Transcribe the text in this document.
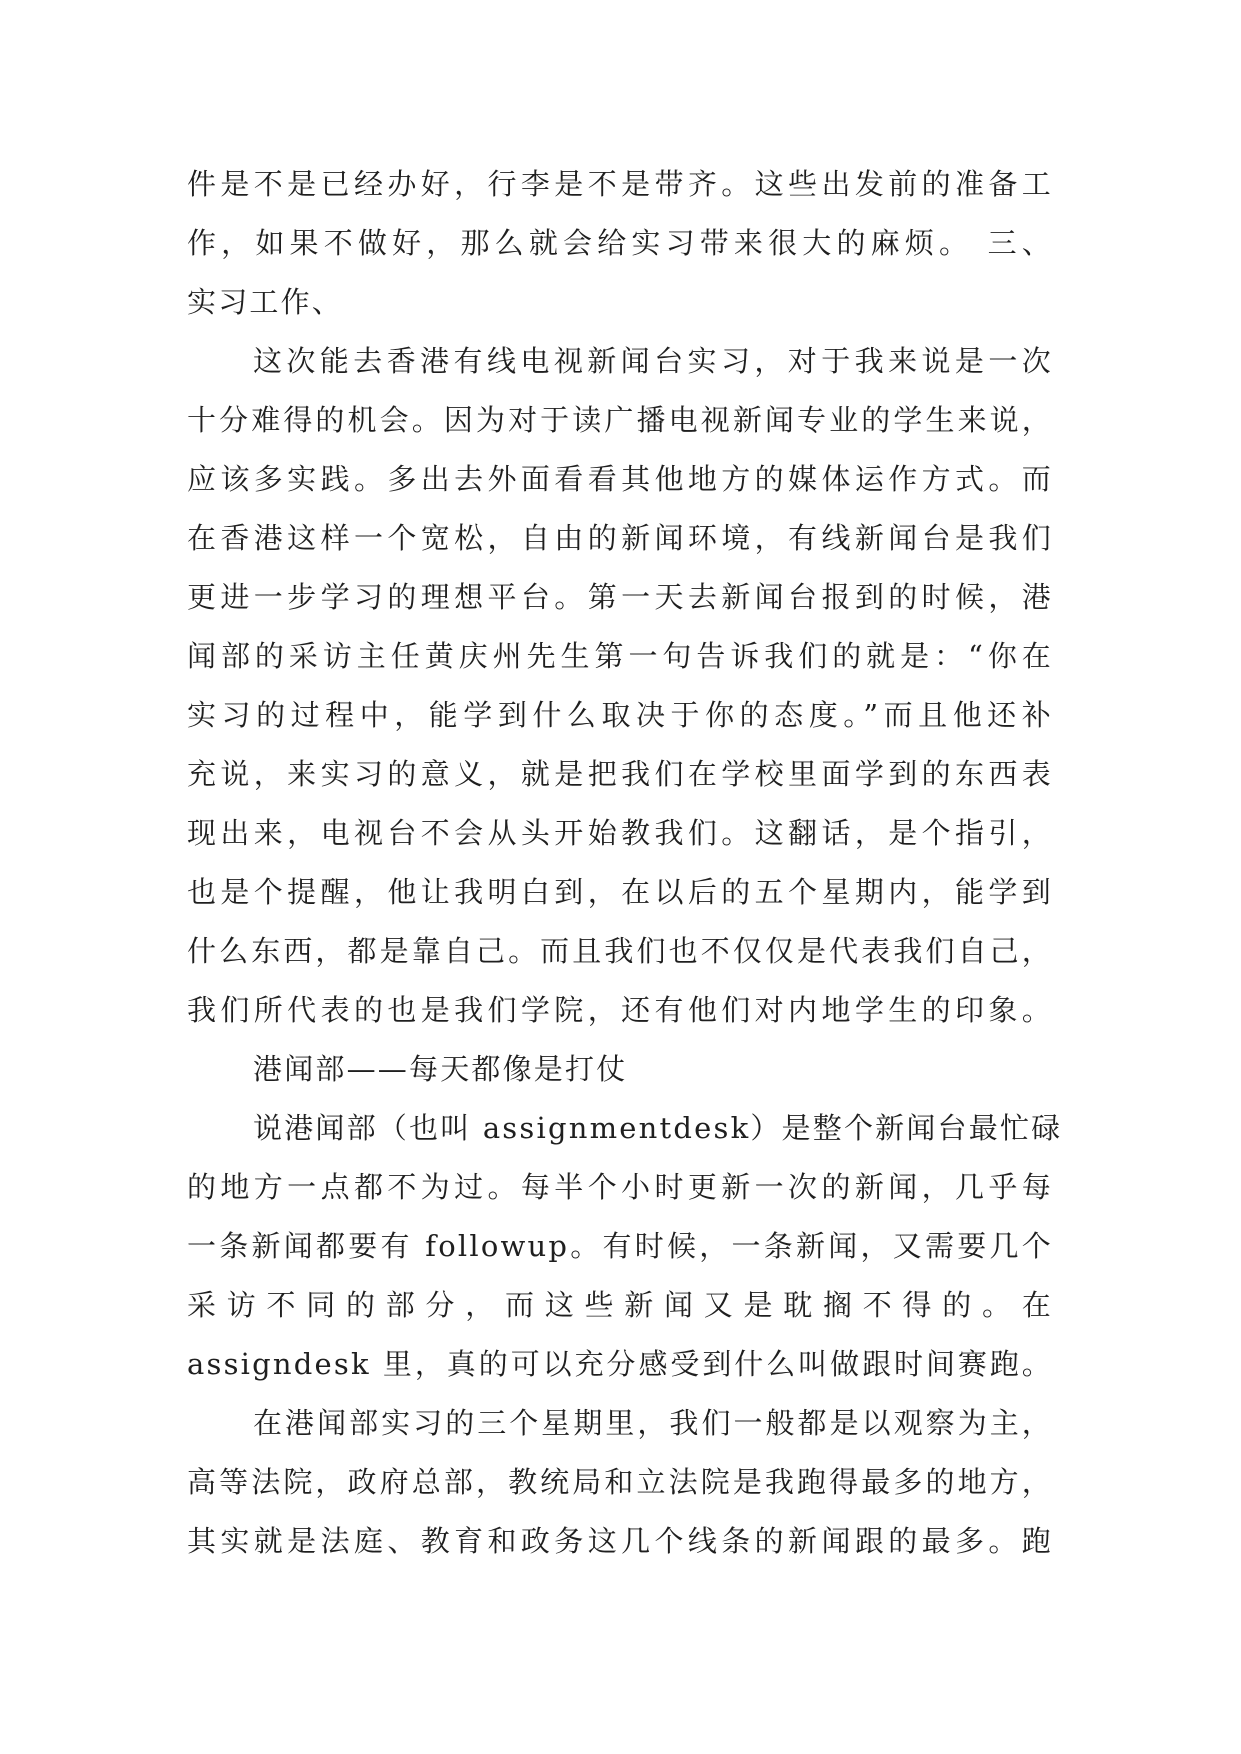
件是不是已经办好，行李是不是带齐。这些出发前的准备工
作，如果不做好，那么就会给实习带来很大的麻烦。 三、
实习工作、
这次能去香港有线电视新闻台实习，对于我来说是一次
十分难得的机会。因为对于读广播电视新闻专业的学生来说，
应该多实践。多出去外面看看其他地方的媒体运作方式。而
在香港这样一个宽松，自由的新闻环境，有线新闻台是我们
更进一步学习的理想平台。第一天去新闻台报到的时候，港
闻部的采访主任黄庆州先生第一句告诉我们的就是：“你在
实习的过程中，能学到什么取决于你的态度。”而且他还补
充说，来实习的意义，就是把我们在学校里面学到的东西表
现出来，电视台不会从头开始教我们。这翻话，是个指引，
也是个提醒，他让我明白到，在以后的五个星期内，能学到
什么东西，都是靠自己。而且我们也不仅仅是代表我们自己，
我们所代表的也是我们学院，还有他们对内地学生的印象。
港闻部——每天都像是打仗
说港闻部（也叫 assignmentdesk）是整个新闻台最忙碌
的地方一点都不为过。每半个小时更新一次的新闻，几乎每
一条新闻都要有 followup。有时候，一条新闻，又需要几个
采访不同的部分，而这些新闻又是耽搁不得的。在
assigndesk 里，真的可以充分感受到什么叫做跟时间赛跑。
在港闻部实习的三个星期里，我们一般都是以观察为主，
高等法院，政府总部，教统局和立法院是我跑得最多的地方，
其实就是法庭、教育和政务这几个线条的新闻跟的最多。跑
